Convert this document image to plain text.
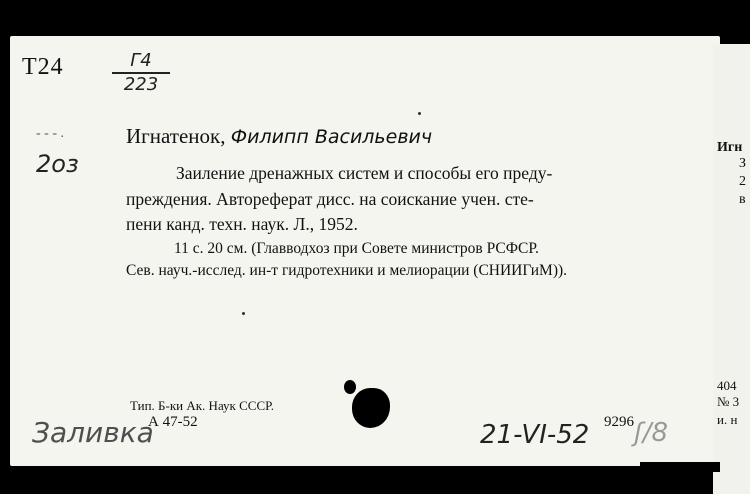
Игн
З
2
в
404
№ 3
и. н
T24	Г4
223
- - - .
2оз
Игнатенок, Филипп Васильевич
Заиление дренажных систем и способы его преду-
преждения. Автореферат дисс. на соискание учен. сте-
пени канд. техн. наук. Л., 1952.
11 с. 20 см. (Главводхоз при Совете министров РСФСР.
Сев. науч.-исслед. ин-т гидротехники и мелиорации (СНИИГиМ)).
Тип. Б-ки Ак. Наук СССР.
А 47-52
Заливка	21-VI-52 9296 ʃ/8
